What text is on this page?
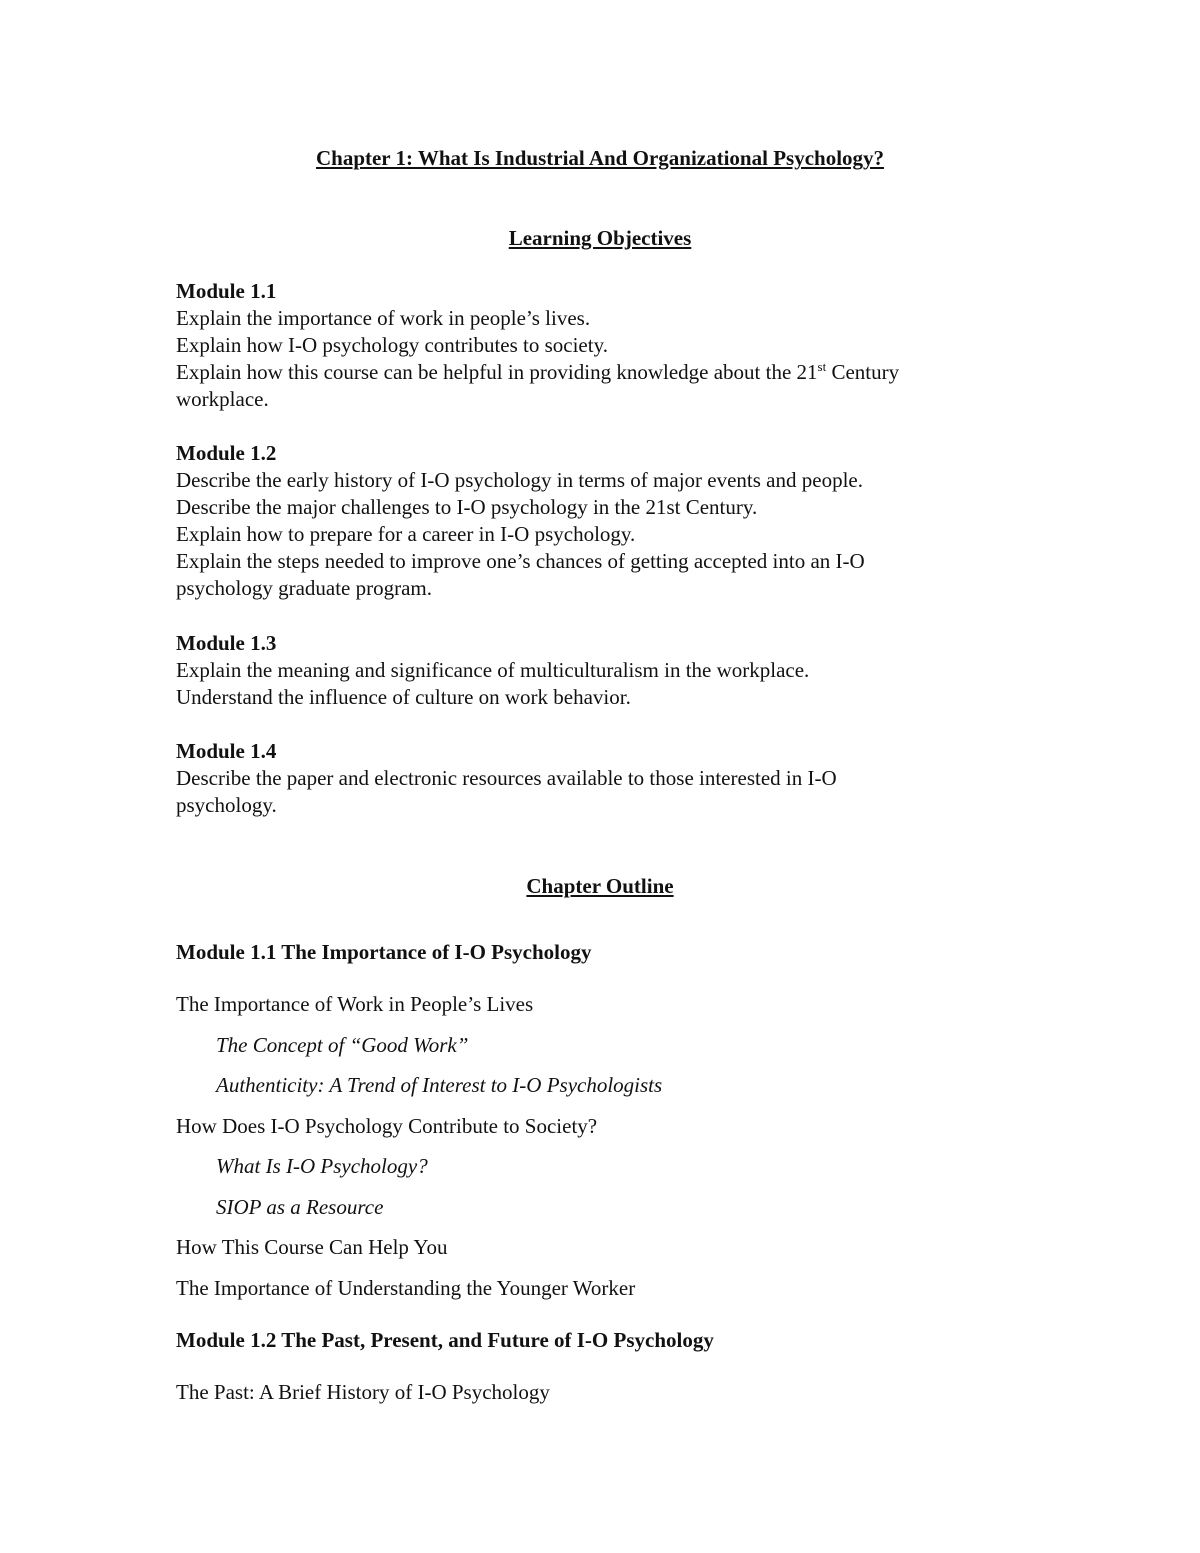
Chapter 1: What Is Industrial And Organizational Psychology?
Learning Objectives
Module 1.1
Explain the importance of work in people’s lives.
Explain how I-O psychology contributes to society.
Explain how this course can be helpful in providing knowledge about the 21st Century
workplace.
Module 1.2
Describe the early history of I-O psychology in terms of major events and people.
Describe the major challenges to I-O psychology in the 21st Century.
Explain how to prepare for a career in I-O psychology.
Explain the steps needed to improve one’s chances of getting accepted into an I-O
psychology graduate program.
Module 1.3
Explain the meaning and significance of multiculturalism in the workplace.
Understand the influence of culture on work behavior.
Module 1.4
Describe the paper and electronic resources available to those interested in I-O
psychology.
Chapter Outline
Module 1.1 The Importance of I-O Psychology
The Importance of Work in People’s Lives
The Concept of “Good Work”
Authenticity: A Trend of Interest to I-O Psychologists
How Does I-O Psychology Contribute to Society?
What Is I-O Psychology?
SIOP as a Resource
How This Course Can Help You
The Importance of Understanding the Younger Worker
Module 1.2 The Past, Present, and Future of I-O Psychology
The Past: A Brief History of I-O Psychology
